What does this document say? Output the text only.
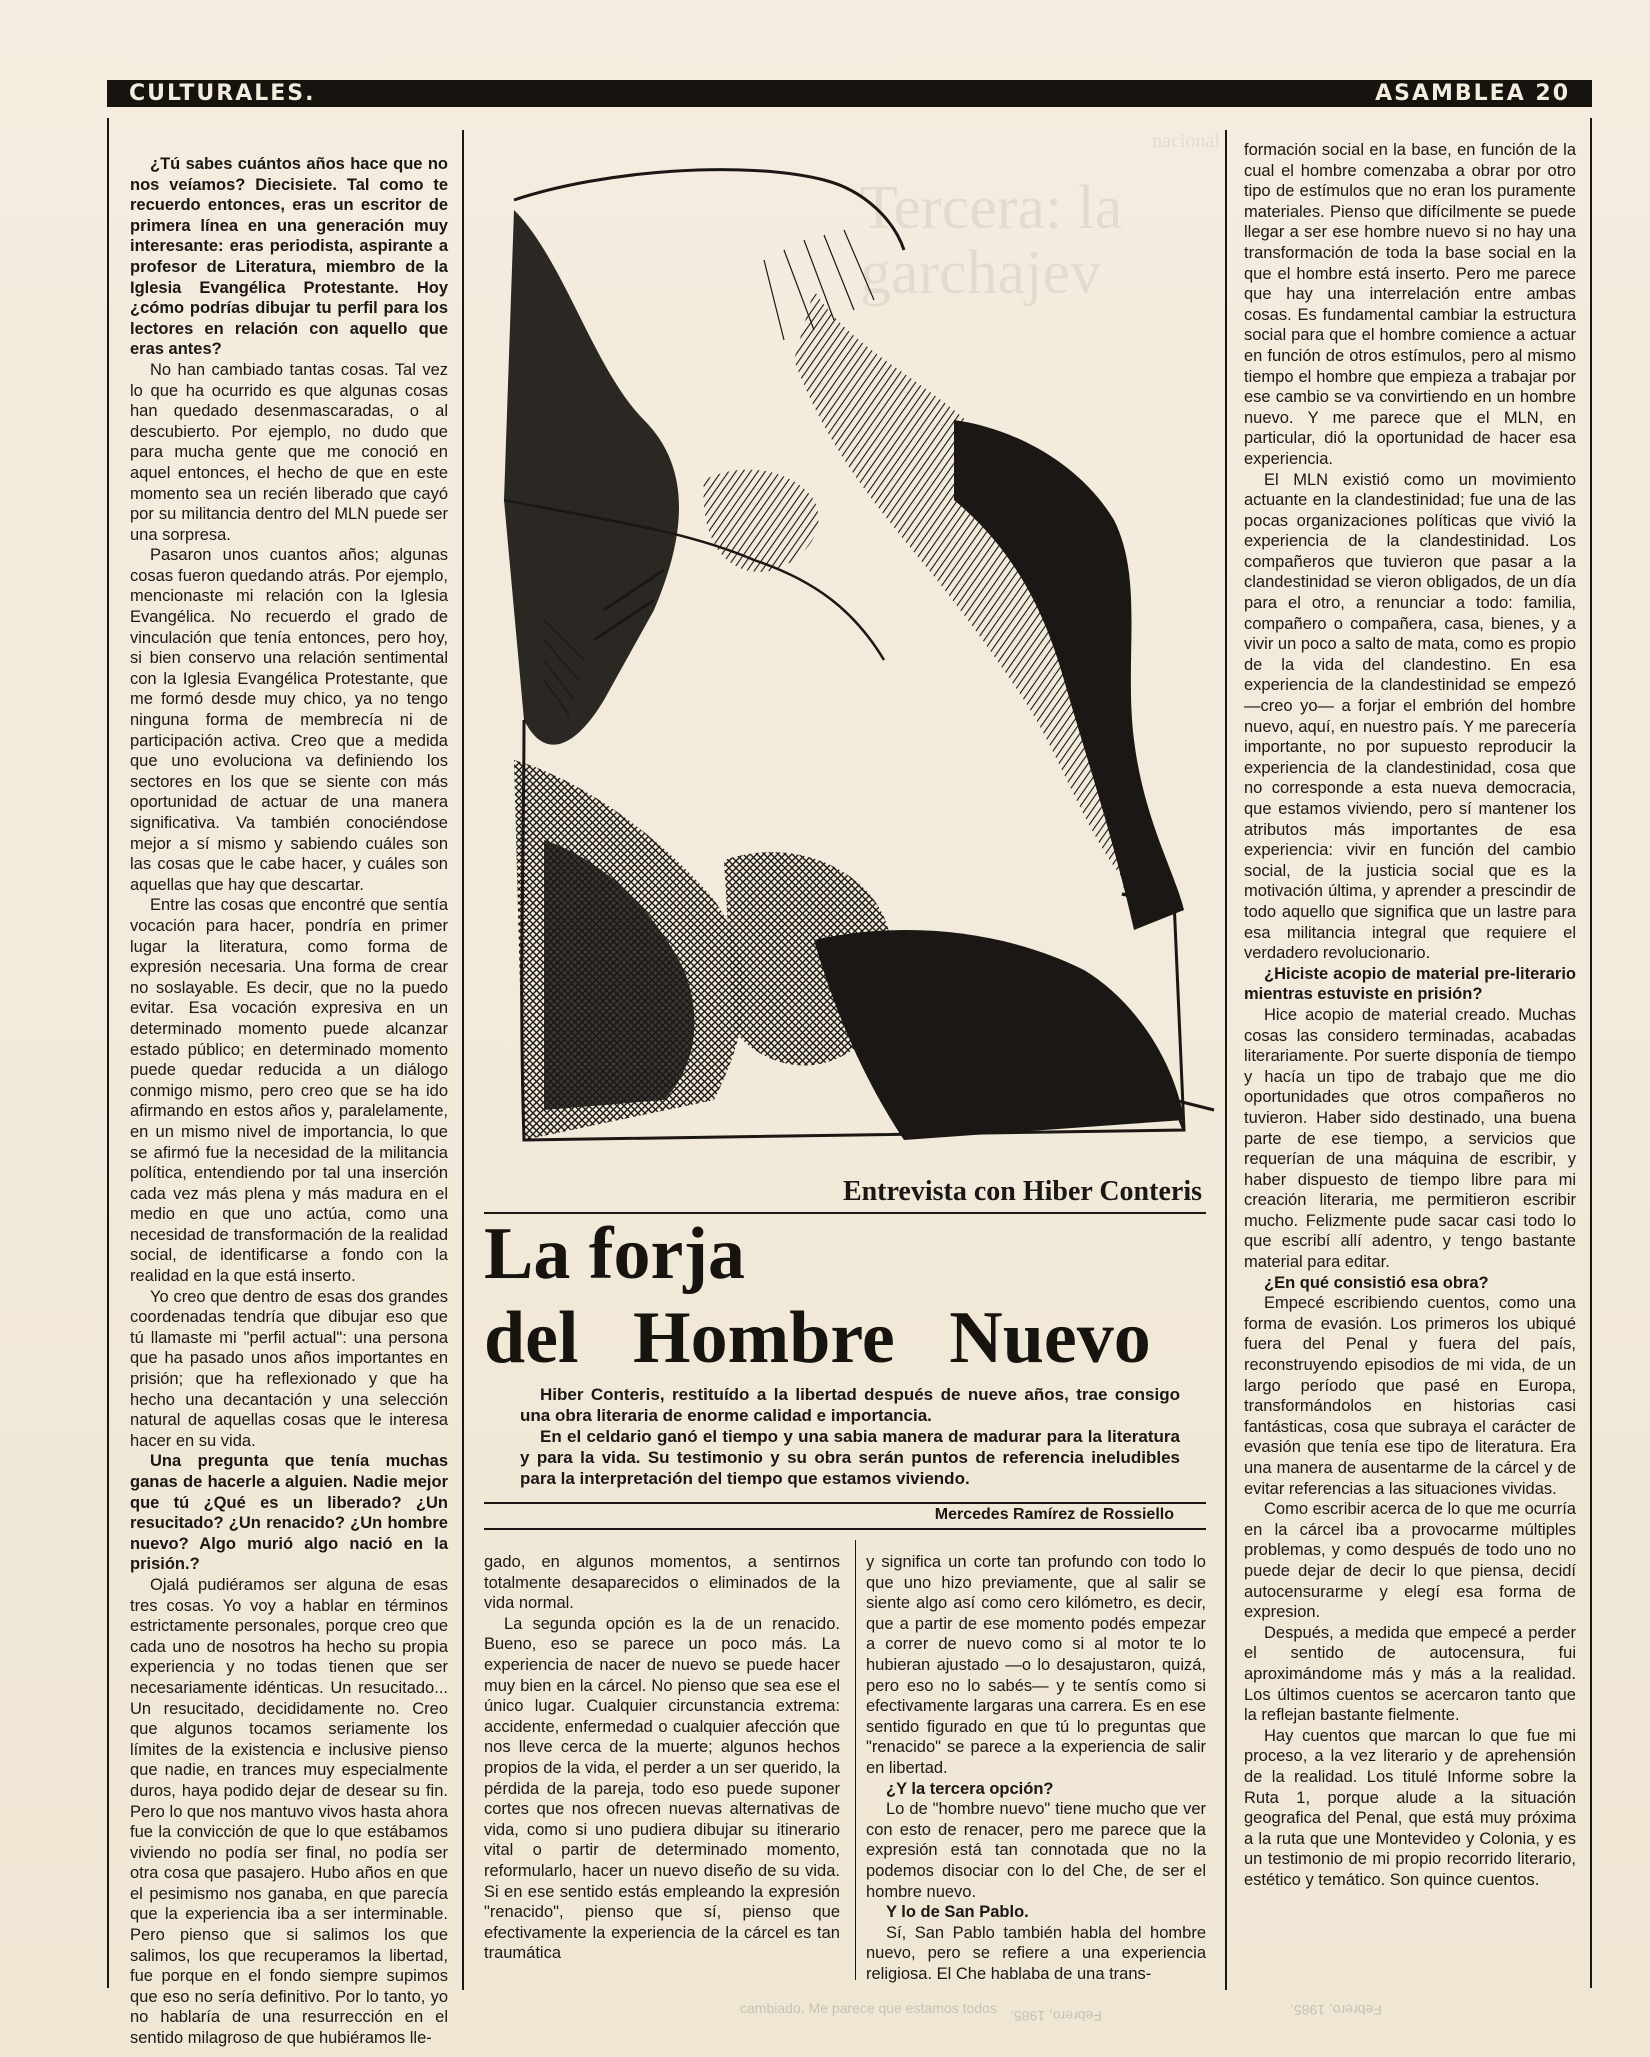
nacional
Tercera: la
garchajev
CULTURALES.	ASAMBLEA 20

¿Tú sabes cuántos años hace que no nos veíamos? Diecisiete. Tal como te recuerdo entonces, eras un escritor de primera línea en una generación muy interesante: eras periodista, aspirante a profesor de Literatura, miembro de la Iglesia Evangélica Protestante. Hoy ¿cómo podrías dibujar tu perfil para los lectores en relación con aquello que eras antes?

No han cambiado tantas cosas. Tal vez lo que ha ocurrido es que algunas cosas han quedado desenmascaradas, o al descubierto. Por ejemplo, no dudo que para mucha gente que me conoció en aquel entonces, el hecho de que en este momento sea un recién liberado que cayó por su militancia dentro del MLN puede ser una sorpresa.

Pasaron unos cuantos años; algunas cosas fueron quedando atrás. Por ejemplo, mencionaste mi relación con la Iglesia Evangélica. No recuerdo el grado de vinculación que tenía entonces, pero hoy, si bien conservo una relación sentimental con la Iglesia Evangélica Protestante, que me formó desde muy chico, ya no tengo ninguna forma de membrecía ni de participación activa. Creo que a medida que uno evoluciona va definiendo los sectores en los que se siente con más oportunidad de actuar de una manera significativa. Va también conociéndose mejor a sí mismo y sabiendo cuáles son las cosas que le cabe hacer, y cuáles son aquellas que hay que descartar.

Entre las cosas que encontré que sentía vocación para hacer, pondría en primer lugar la literatura, como forma de expresión necesaria. Una forma de crear no soslayable. Es decir, que no la puedo evitar. Esa vocación expresiva en un determinado momento puede alcanzar estado público; en determinado momento puede quedar reducida a un diálogo conmigo mismo, pero creo que se ha ido afirmando en estos años y, paralelamente, en un mismo nivel de importancia, lo que se afirmó fue la necesidad de la militancia política, entendiendo por tal una inserción cada vez más plena y más madura en el medio en que uno actúa, como una necesidad de transformación de la realidad social, de identificarse a fondo con la realidad en la que está inserto.

Yo creo que dentro de esas dos grandes coordenadas tendría que dibujar eso que tú llamaste mi "perfil actual": una persona que ha pasado unos años importantes en prisión; que ha reflexionado y que ha hecho una decantación y una selección natural de aquellas cosas que le interesa hacer en su vida.

Una pregunta que tenía muchas ganas de hacerle a alguien. Nadie mejor que tú ¿Qué es un liberado? ¿Un resucitado? ¿Un renacido? ¿Un hombre nuevo? Algo murió algo nació en la prisión.?

Ojalá pudiéramos ser alguna de esas tres cosas. Yo voy a hablar en términos estrictamente personales, porque creo que cada uno de nosotros ha hecho su propia experiencia y no todas tienen que ser necesariamente idénticas. Un resucitado... Un resucitado, decididamente no. Creo que algunos tocamos seriamente los límites de la existencia e inclusive pienso que nadie, en trances muy especialmente duros, haya podido dejar de desear su fin. Pero lo que nos mantuvo vivos hasta ahora fue la convicción de que lo que estábamos viviendo no podía ser final, no podía ser otra cosa que pasajero. Hubo años en que el pesimismo nos ganaba, en que parecía que la experiencia iba a ser interminable. Pero pienso que si salimos los que salimos, los que recuperamos la libertad, fue porque en el fondo siempre supimos que eso no sería definitivo. Por lo tanto, yo no hablaría de una resurrección en el sentido milagroso de que hubiéramos lle-

HL 85
Entrevista con Hiber Conteris
La forja
del Hombre Nuevo

Hiber Conteris, restituído a la libertad después de nueve años, trae consigo una obra literaria de enorme calidad e importancia.

En el celdario ganó el tiempo y una sabia manera de madurar para la literatura y para la vida. Su testimonio y su obra serán puntos de referencia ineludibles para la interpretación del tiempo que estamos viviendo.

Mercedes Ramírez de Rossiello

gado, en algunos momentos, a sentirnos totalmente desaparecidos o eliminados de la vida normal.

La segunda opción es la de un renacido. Bueno, eso se parece un poco más. La experiencia de nacer de nuevo se puede hacer muy bien en la cárcel. No pienso que sea ese el único lugar. Cualquier circunstancia extrema: accidente, enfermedad o cualquier afección que nos lleve cerca de la muerte; algunos hechos propios de la vida, el perder a un ser querido, la pérdida de la pareja, todo eso puede suponer cortes que nos ofrecen nuevas alternativas de vida, como si uno pudiera dibujar su itinerario vital o partir de determinado momento, reformularlo, hacer un nuevo diseño de su vida. Si en ese sentido estás empleando la expresión "renacido", pienso que sí, pienso que efectivamente la experiencia de la cárcel es tan traumática

y significa un corte tan profundo con todo lo que uno hizo previamente, que al salir se siente algo así como cero kilómetro, es decir, que a partir de ese momento podés empezar a correr de nuevo como si al motor te lo hubieran ajustado —o lo desajustaron, quizá, pero eso no lo sabés— y te sentís como si efectivamente largaras una carrera. Es en ese sentido figurado en que tú lo preguntas que "renacido" se parece a la experiencia de salir en libertad.

¿Y la tercera opción?

Lo de "hombre nuevo" tiene mucho que ver con esto de renacer, pero me parece que la expresión está tan connotada que no la podemos disociar con lo del Che, de ser el hombre nuevo.

Y lo de San Pablo.

Sí, San Pablo también habla del hombre nuevo, pero se refiere a una experiencia religiosa. El Che hablaba de una trans-

formación social en la base, en función de la cual el hombre comenzaba a obrar por otro tipo de estímulos que no eran los puramente materiales. Pienso que difícilmente se puede llegar a ser ese hombre nuevo si no hay una transformación de toda la base social en la que el hombre está inserto. Pero me parece que hay una interrelación entre ambas cosas. Es fundamental cambiar la estructura social para que el hombre comience a actuar en función de otros estímulos, pero al mismo tiempo el hombre que empieza a trabajar por ese cambio se va convirtiendo en un hombre nuevo. Y me parece que el MLN, en particular, dió la oportunidad de hacer esa experiencia.

El MLN existió como un movimiento actuante en la clandestinidad; fue una de las pocas organizaciones políticas que vivió la experiencia de la clandestinidad. Los compañeros que tuvieron que pasar a la clandestinidad se vieron obligados, de un día para el otro, a renunciar a todo: familia, compañero o compañera, casa, bienes, y a vivir un poco a salto de mata, como es propio de la vida del clandestino. En esa experiencia de la clandestinidad se empezó —creo yo— a forjar el embrión del hombre nuevo, aquí, en nuestro país. Y me parecería importante, no por supuesto reproducir la experiencia de la clandestinidad, cosa que no corresponde a esta nueva democracia, que estamos viviendo, pero sí mantener los atributos más importantes de esa experiencia: vivir en función del cambio social, de la justicia social que es la motivación última, y aprender a prescindir de todo aquello que significa que un lastre para esa militancia integral que requiere el verdadero revolucionario.

¿Hiciste acopio de material pre-literario mientras estuviste en prisión?

Hice acopio de material creado. Muchas cosas las considero terminadas, acabadas literariamente. Por suerte disponía de tiempo y hacía un tipo de trabajo que me dio oportunidades que otros compañeros no tuvieron. Haber sido destinado, una buena parte de ese tiempo, a servicios que requerían de una máquina de escribir, y haber dispuesto de tiempo libre para mi creación literaria, me permitieron escribir mucho. Felizmente pude sacar casi todo lo que escribí allí adentro, y tengo bastante material para editar.

¿En qué consistió esa obra?

Empecé escribiendo cuentos, como una forma de evasión. Los primeros los ubiqué fuera del Penal y fuera del país, reconstruyendo episodios de mi vida, de un largo período que pasé en Europa, transformándolos en historias casi fantásticas, cosa que subraya el carácter de evasión que tenía ese tipo de literatura. Era una manera de ausentarme de la cárcel y de evitar referencias a las situaciones vividas.

Como escribir acerca de lo que me ocurría en la cárcel iba a provocarme múltiples problemas, y como después de todo uno no puede dejar de decir lo que piensa, decidí autocensurarme y elegí esa forma de expresion.

Después, a medida que empecé a perder el sentido de autocensura, fui aproximándome más y más a la realidad. Los últimos cuentos se acercaron tanto que la reflejan bastante fielmente.

Hay cuentos que marcan lo que fue mi proceso, a la vez literario y de aprehensión de la realidad. Los titulé Informe sobre la Ruta 1, porque alude a la situación geografica del Penal, que está muy próxima a la ruta que une Montevideo y Colonia, y es un testimonio de mi propio recorrido literario, estético y temático. Son quince cuentos.

cambiado. Me parece que estamos todos Febrero, 1985.	Febrero, 1985.
